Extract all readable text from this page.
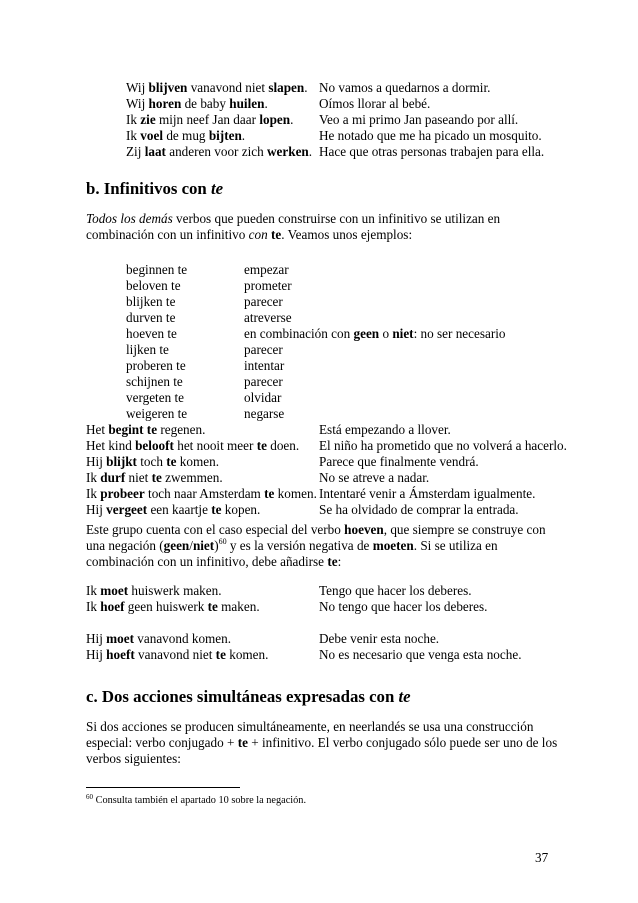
Wij blijven vanavond niet slapen. No vamos a quedarnos a dormir.
Wij horen de baby huilen.	Oímos llorar al bebé.
Ik zie mijn neef Jan daar lopen. Veo a mi primo Jan paseando por allí.
Ik voel de mug bijten.	He notado que me ha picado un mosquito.
Zij laat anderen voor zich werken. Hace que otras personas trabajen para ella.
b. Infinitivos con te
Todos los demás verbos que pueden construirse con un infinitivo se utilizan en
combinación con un infinitivo con te. Veamos unos ejemplos:
beginnen te	empezar
beloven te	prometer
blijken te	parecer
durven te	atreverse
hoeven te	en combinación con geen o niet: no ser necesario
lijken te	parecer
proberen te	intentar
schijnen te	parecer
vergeten te	olvidar
weigeren te	negarse
Het begint te regenen.	Está empezando a llover.
Het kind belooft het nooit meer te doen. El niño ha prometido que no volverá a hacerlo.
Hij blijkt toch te komen.	Parece que finalmente vendrá.
Ik durf niet te zwemmen.	No se atreve a nadar.
Ik probeer toch naar Amsterdam te komen. Intentaré venir a Ámsterdam igualmente.
Hij vergeet een kaartje te kopen.	Se ha olvidado de comprar la entrada.
Este grupo cuenta con el caso especial del verbo hoeven, que siempre se construye con
una negación (geen/niet)$^{60}$ y es la versión negativa de moeten. Si se utiliza en
combinación con un infinitivo, debe añadirse te:
Ik moet huiswerk maken.	Tengo que hacer los deberes.
Ik hoef geen huiswerk te maken.	No tengo que hacer los deberes.
Hij moet vanavond komen.	Debe venir esta noche.
Hij hoeft vanavond niet te komen.	No es necesario que venga esta noche.
c. Dos acciones simultáneas expresadas con te
Si dos acciones se producen simultáneamente, en neerlandés se usa una construcción
especial: verbo conjugado + te + infinitivo. El verbo conjugado sólo puede ser uno de los
verbos siguientes:
$^{60}$ Consulta también el apartado 10 sobre la negación.
37
